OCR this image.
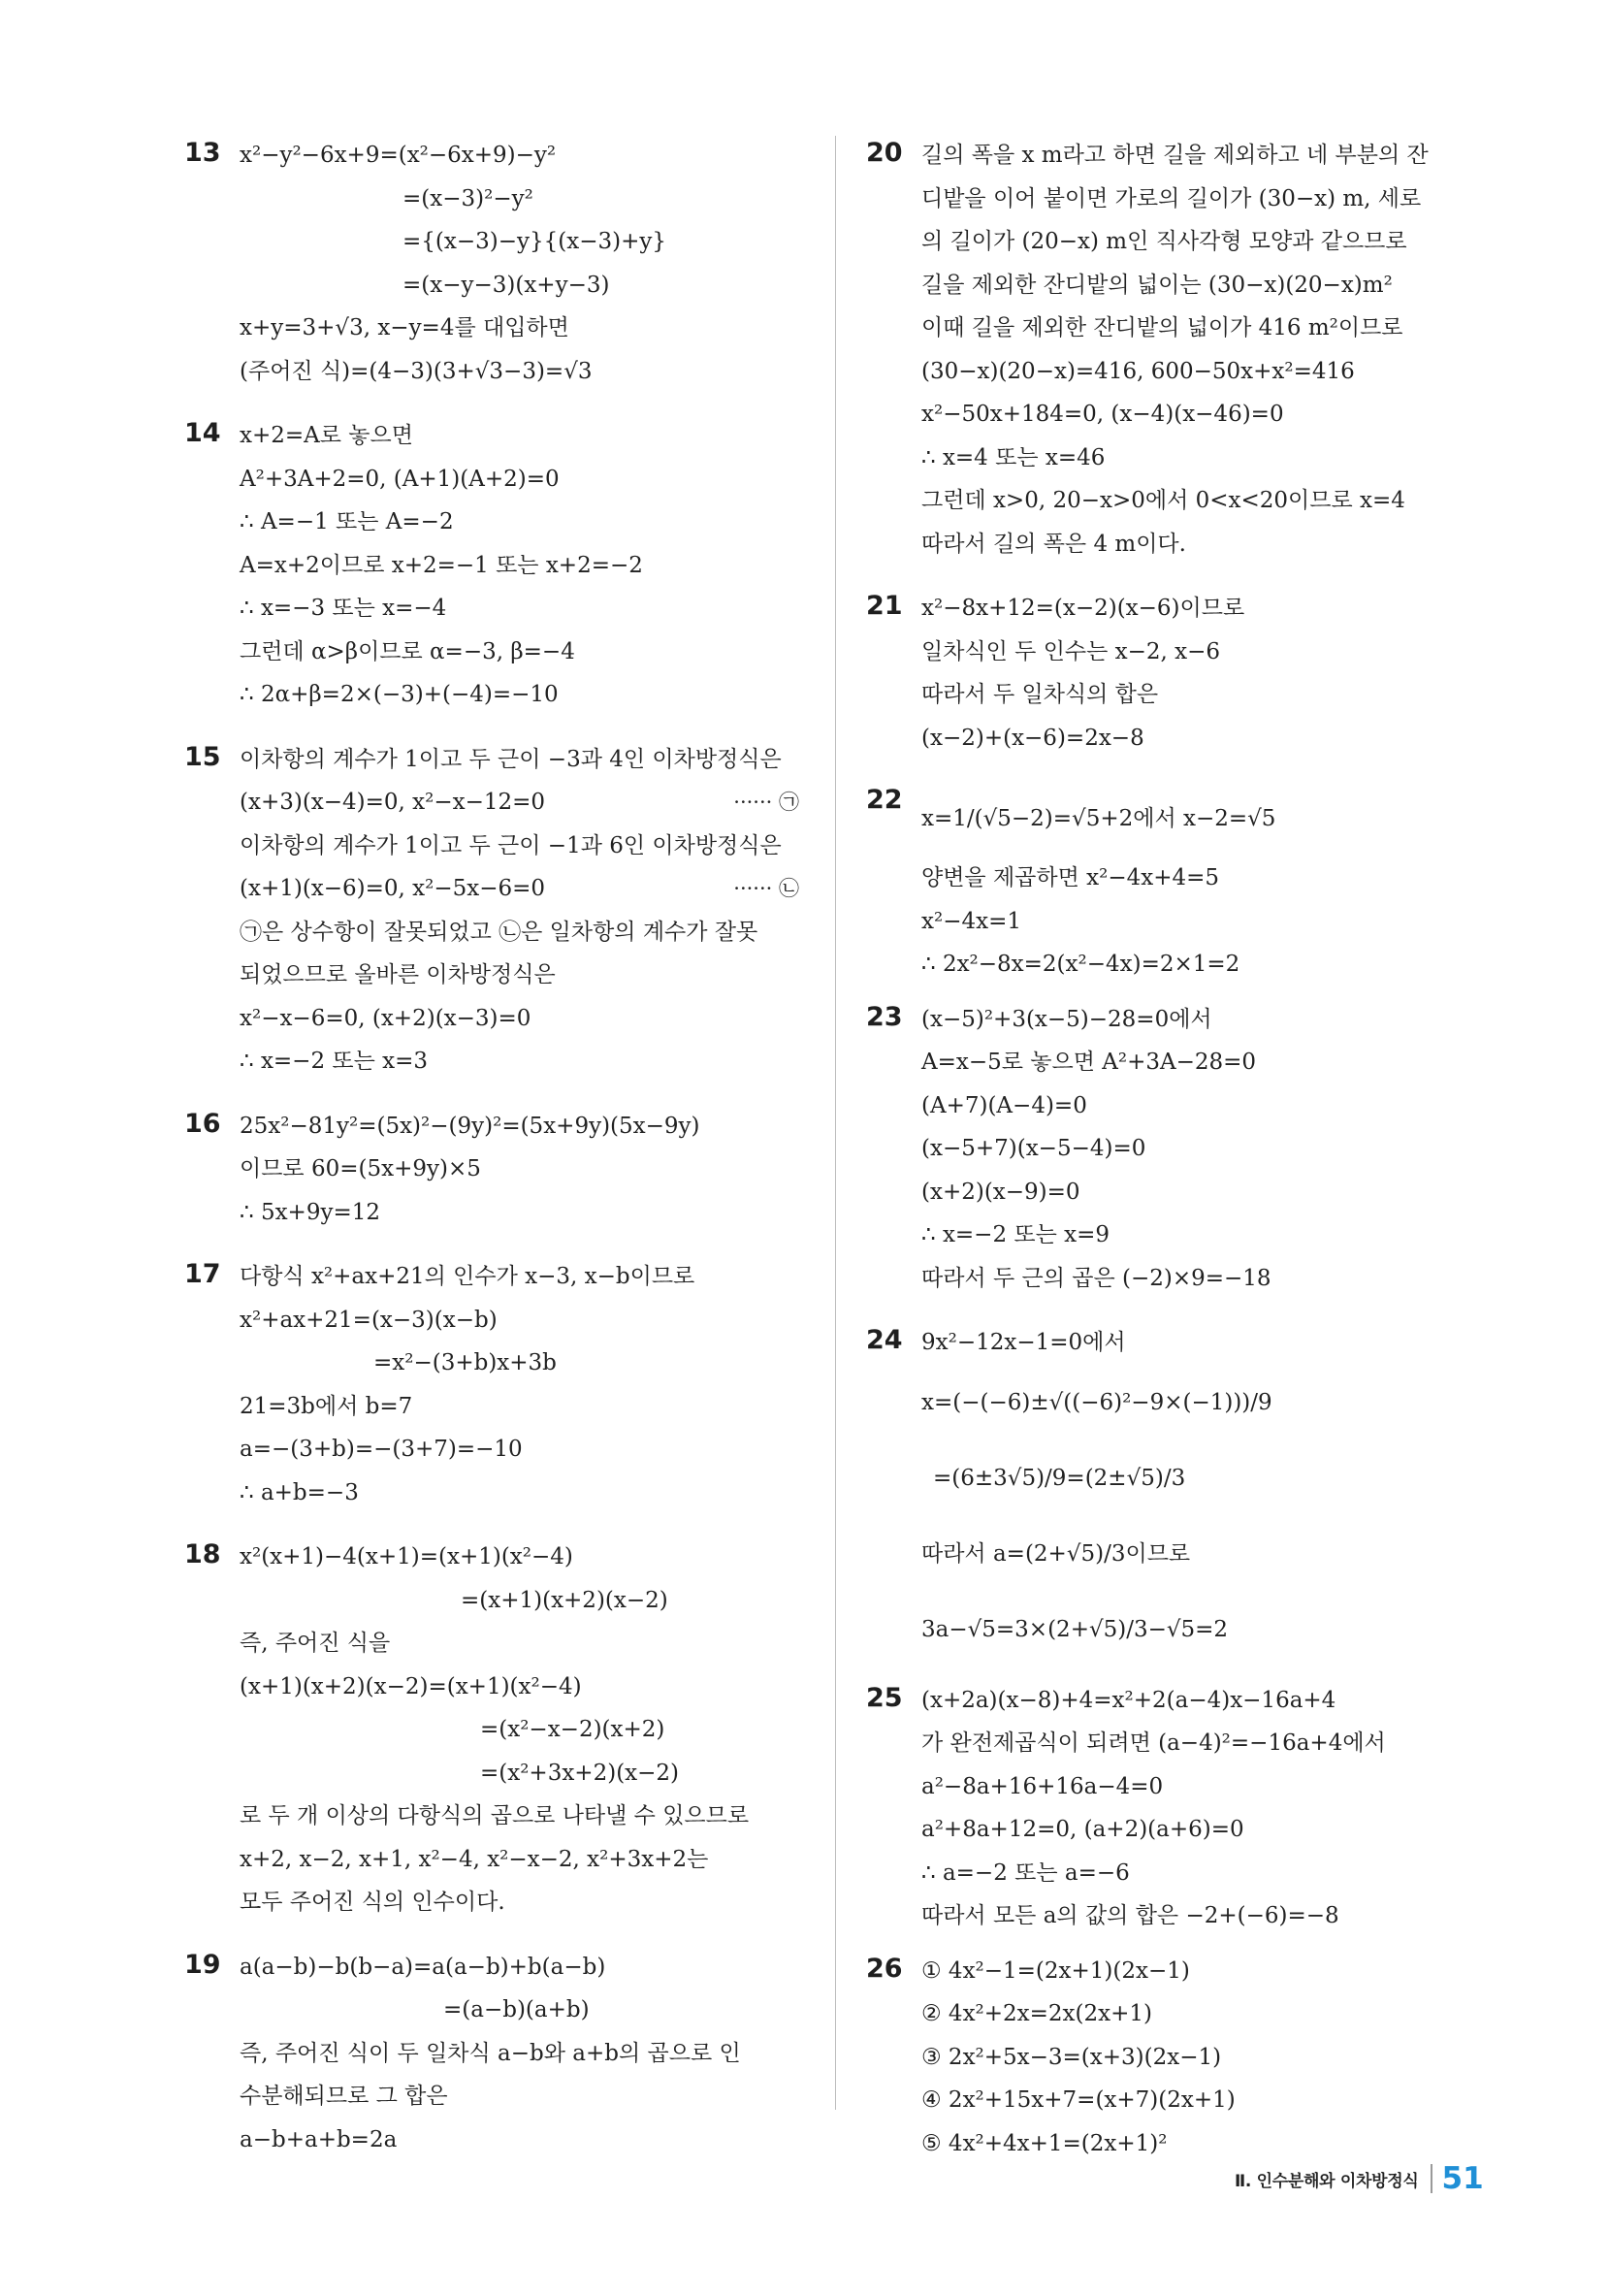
13 x²−y²−6x+9=(x²−6x+9)−y²
=(x−3)²−y²
={(x−3)−y}{(x−3)+y}
=(x−y−3)(x+y−3)
x+y=3+√3, x−y=4를 대입하면
(주어진 식)=(4−3)(3+√3−3)=√3
14 x+2=A로 놓으면
A²+3A+2=0, (A+1)(A+2)=0
∴ A=−1 또는 A=−2
A=x+2이므로 x+2=−1 또는 x+2=−2
∴ x=−3 또는 x=−4
그런데 α>β이므로 α=−3, β=−4
∴ 2α+β=2×(−3)+(−4)=−10
15 이차항의 계수가 1이고 두 근이 −3과 4인 이차방정식은
(x+3)(x−4)=0, x²−x−12=0	······ ㉠
이차항의 계수가 1이고 두 근이 −1과 6인 이차방정식은
(x+1)(x−6)=0, x²−5x−6=0	······ ㉡
㉠은 상수항이 잘못되었고 ㉡은 일차항의 계수가 잘못
되었으므로 올바른 이차방정식은
x²−x−6=0, (x+2)(x−3)=0
∴ x=−2 또는 x=3
16 25x²−81y²=(5x)²−(9y)²=(5x+9y)(5x−9y)
이므로 60=(5x+9y)×5
∴ 5x+9y=12
17 다항식 x²+ax+21의 인수가 x−3, x−b이므로
x²+ax+21=(x−3)(x−b)
=x²−(3+b)x+3b
21=3b에서 b=7
a=−(3+b)=−(3+7)=−10
∴ a+b=−3
18 x²(x+1)−4(x+1)=(x+1)(x²−4)
=(x+1)(x+2)(x−2)
즉, 주어진 식을
(x+1)(x+2)(x−2)=(x+1)(x²−4)
=(x²−x−2)(x+2)
=(x²+3x+2)(x−2)
로 두 개 이상의 다항식의 곱으로 나타낼 수 있으므로
x+2, x−2, x+1, x²−4, x²−x−2, x²+3x+2는
모두 주어진 식의 인수이다.
19 a(a−b)−b(b−a)=a(a−b)+b(a−b)
=(a−b)(a+b)
즉, 주어진 식이 두 일차식 a−b와 a+b의 곱으로 인
수분해되므로 그 합은
a−b+a+b=2a
20 길의 폭을 x m라고 하면 길을 제외하고 네 부분의 잔
디밭을 이어 붙이면 가로의 길이가 (30−x) m, 세로
의 길이가 (20−x) m인 직사각형 모양과 같으므로
길을 제외한 잔디밭의 넓이는 (30−x)(20−x)m²
이때 길을 제외한 잔디밭의 넓이가 416 m²이므로
(30−x)(20−x)=416, 600−50x+x²=416
x²−50x+184=0, (x−4)(x−46)=0
∴ x=4 또는 x=46
그런데 x>0, 20−x>0에서 0<x<20이므로 x=4
따라서 길의 폭은 4 m이다.
21 x²−8x+12=(x−2)(x−6)이므로
일차식인 두 인수는 x−2, x−6
따라서 두 일차식의 합은
(x−2)+(x−6)=2x−8
22
x=1/(√5−2)=√5+2에서 x−2=√5
양변을 제곱하면 x²−4x+4=5
x²−4x=1
∴ 2x²−8x=2(x²−4x)=2×1=2
23 (x−5)²+3(x−5)−28=0에서
A=x−5로 놓으면 A²+3A−28=0
(A+7)(A−4)=0
(x−5+7)(x−5−4)=0
(x+2)(x−9)=0
∴ x=−2 또는 x=9
따라서 두 근의 곱은 (−2)×9=−18
24 9x²−12x−1=0에서
x=(−(−6)±√((−6)²−9×(−1)))/9
=(6±3√5)/9=(2±√5)/3
따라서 a=(2+√5)/3이므로
3a−√5=3×(2+√5)/3−√5=2
25 (x+2a)(x−8)+4=x²+2(a−4)x−16a+4
가 완전제곱식이 되려면 (a−4)²=−16a+4에서
a²−8a+16+16a−4=0
a²+8a+12=0, (a+2)(a+6)=0
∴ a=−2 또는 a=−6
따라서 모든 a의 값의 합은 −2+(−6)=−8
26 ① 4x²−1=(2x+1)(2x−1)
② 4x²+2x=2x(2x+1)
③ 2x²+5x−3=(x+3)(2x−1)
④ 2x²+15x+7=(x+7)(2x+1)
⑤ 4x²+4x+1=(2x+1)²
Ⅱ. 인수분해와 이차방정식 51
